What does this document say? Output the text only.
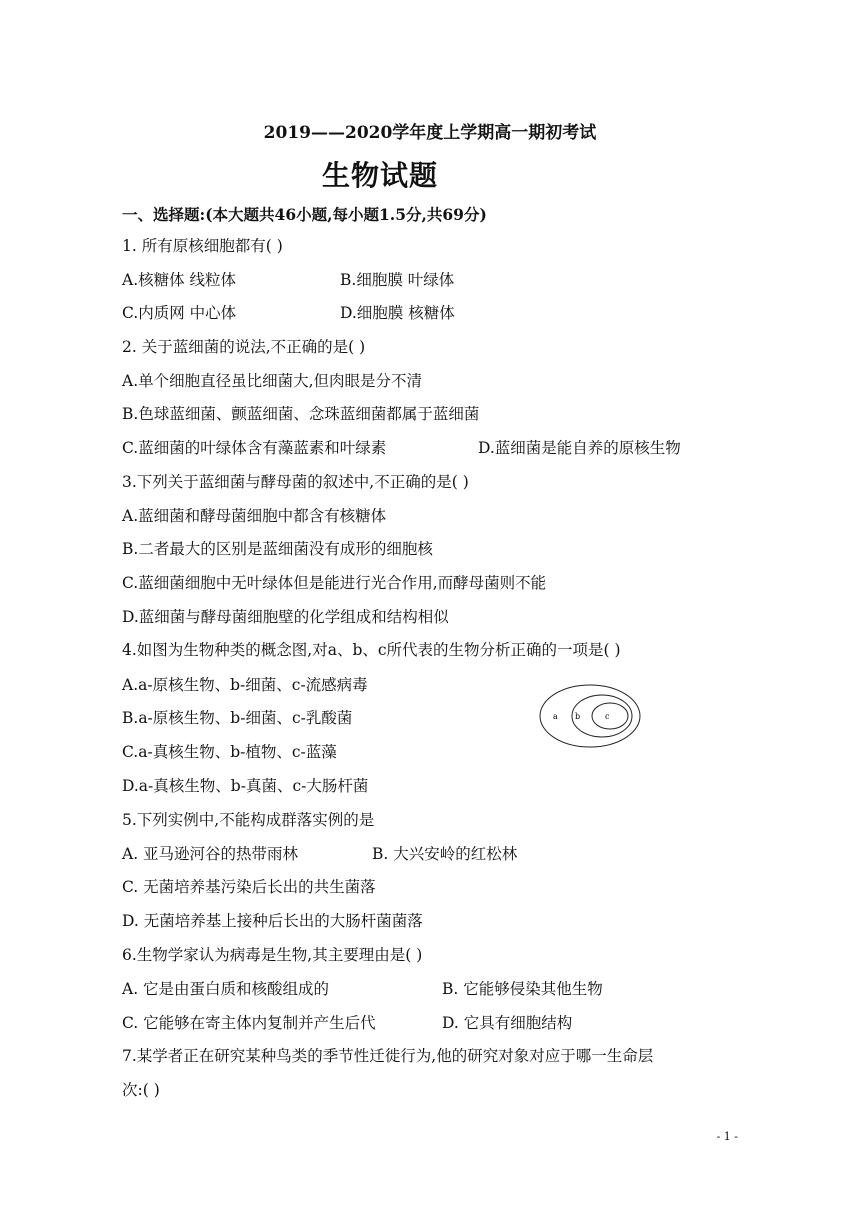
2019——2020学年度上学期高一期初考试
生物试题
一、选择题:(本大题共46小题,每小题1.5分,共69分)
1. 所有原核细胞都有( )
A.核糖体 线粒体	B.细胞膜 叶绿体
C.内质网 中心体	D.细胞膜 核糖体
2. 关于蓝细菌的说法,不正确的是( )
A.单个细胞直径虽比细菌大,但肉眼是分不清
B.色球蓝细菌、颤蓝细菌、念珠蓝细菌都属于蓝细菌
C.蓝细菌的叶绿体含有藻蓝素和叶绿素	D.蓝细菌是能自养的原核生物
3.下列关于蓝细菌与酵母菌的叙述中,不正确的是( )
A.蓝细菌和酵母菌细胞中都含有核糖体
B.二者最大的区别是蓝细菌没有成形的细胞核
C.蓝细菌细胞中无叶绿体但是能进行光合作用,而酵母菌则不能
D.蓝细菌与酵母菌细胞壁的化学组成和结构相似
4.如图为生物种类的概念图,对a、b、c所代表的生物分析正确的一项是( )
A.a-原核生物、b-细菌、c-流感病毒
B.a-原核生物、b-细菌、c-乳酸菌
C.a-真核生物、b-植物、c-蓝藻
D.a-真核生物、b-真菌、c-大肠杆菌
a b	c
5.下列实例中,不能构成群落实例的是
A. 亚马逊河谷的热带雨林	B. 大兴安岭的红松林
C. 无菌培养基污染后长出的共生菌落
D. 无菌培养基上接种后长出的大肠杆菌菌落
6.生物学家认为病毒是生物,其主要理由是( )
A. 它是由蛋白质和核酸组成的	B. 它能够侵染其他生物
C. 它能够在寄主体内复制并产生后代	D. 它具有细胞结构
7.某学者正在研究某种鸟类的季节性迁徙行为,他的研究对象对应于哪一生命层
次:( )
- 1 -
